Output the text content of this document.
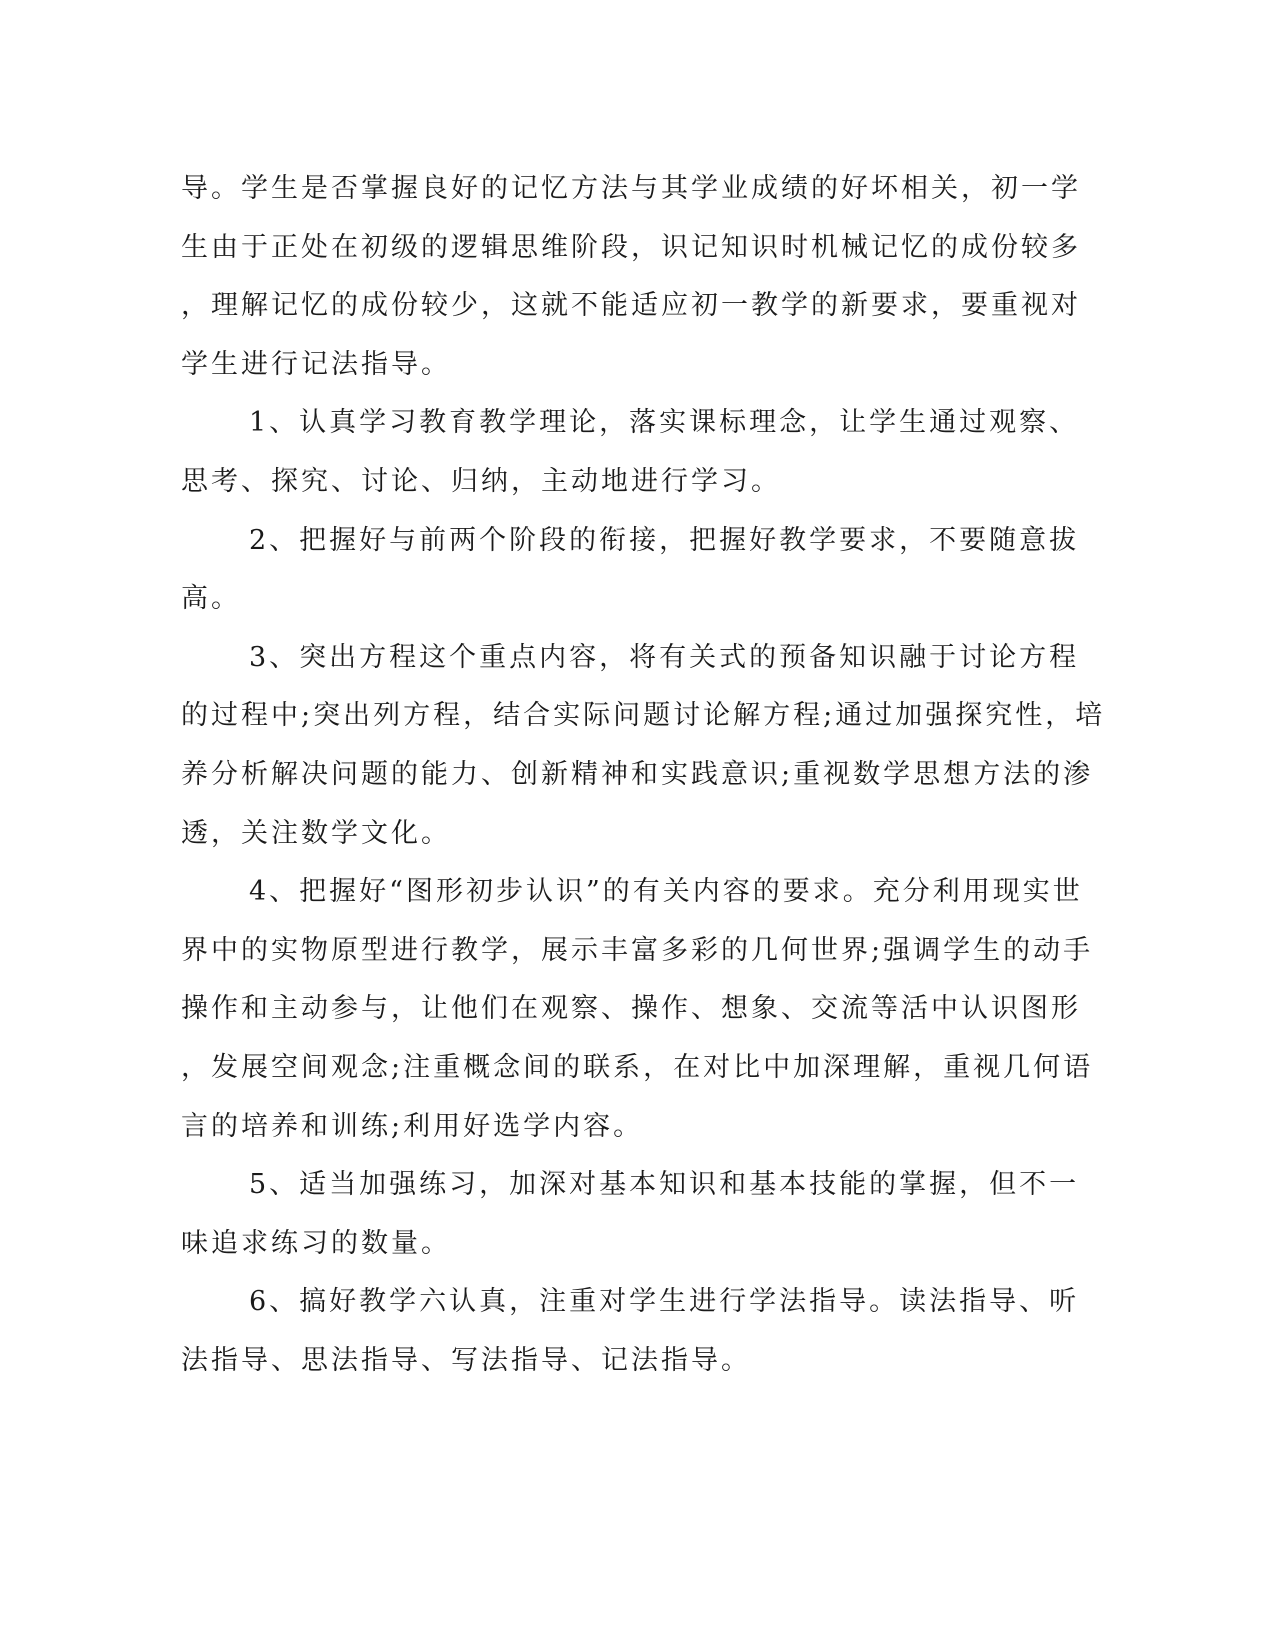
导。学生是否掌握良好的记忆方法与其学业成绩的好坏相关，初一学
生由于正处在初级的逻辑思维阶段，识记知识时机械记忆的成份较多
，理解记忆的成份较少，这就不能适应初一教学的新要求，要重视对
学生进行记法指导。
1、认真学习教育教学理论，落实课标理念，让学生通过观察、
思考、探究、讨论、归纳，主动地进行学习。
2、把握好与前两个阶段的衔接，把握好教学要求，不要随意拔
高。
3、突出方程这个重点内容，将有关式的预备知识融于讨论方程
的过程中;突出列方程，结合实际问题讨论解方程;通过加强探究性，培
养分析解决问题的能力、创新精神和实践意识;重视数学思想方法的渗
透，关注数学文化。
4、把握好“图形初步认识”的有关内容的要求。充分利用现实世
界中的实物原型进行教学，展示丰富多彩的几何世界;强调学生的动手
操作和主动参与，让他们在观察、操作、想象、交流等活中认识图形
，发展空间观念;注重概念间的联系，在对比中加深理解，重视几何语
言的培养和训练;利用好选学内容。
5、适当加强练习，加深对基本知识和基本技能的掌握，但不一
味追求练习的数量。
6、搞好教学六认真，注重对学生进行学法指导。读法指导、听
法指导、思法指导、写法指导、记法指导。
